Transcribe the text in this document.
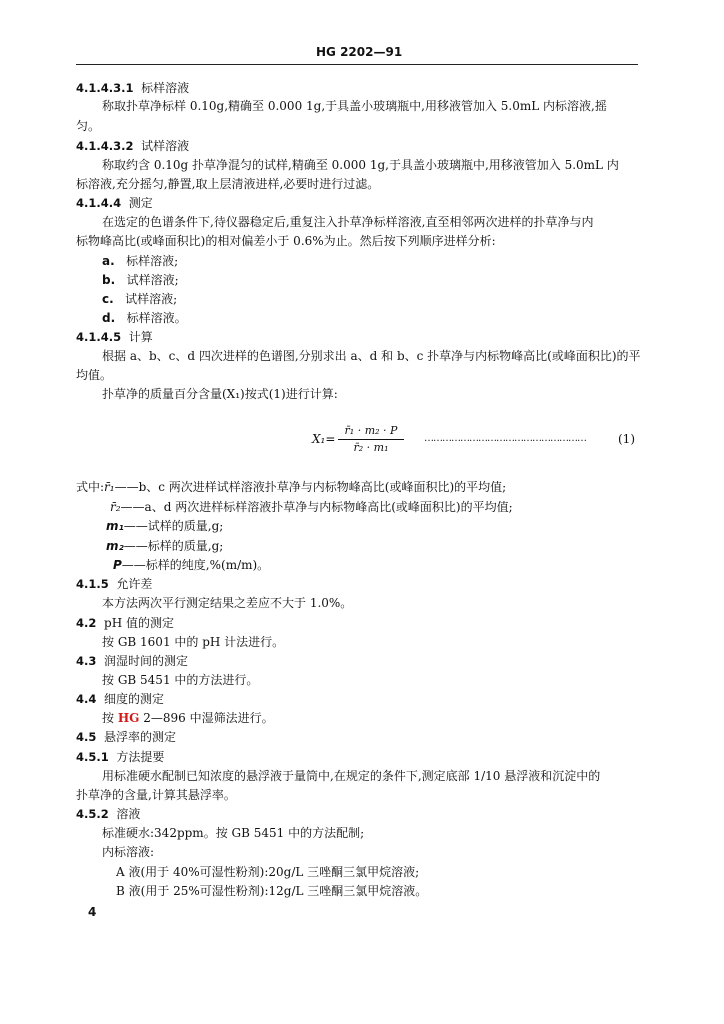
HG 2202—91
4.1.4.3.1 标样溶液
称取扑草净标样 0.10g,精确至 0.000 1g,于具盖小玻璃瓶中,用移液管加入 5.0mL 内标溶液,摇
匀。
4.1.4.3.2 试样溶液
称取约含 0.10g 扑草净混匀的试样,精确至 0.000 1g,于具盖小玻璃瓶中,用移液管加入 5.0mL 内
标溶液,充分摇匀,静置,取上层清液进样,必要时进行过滤。
4.1.4.4 测定
在选定的色谱条件下,待仪器稳定后,重复注入扑草净标样溶液,直至相邻两次进样的扑草净与内
标物峰高比(或峰面积比)的相对偏差小于 0.6%为止。然后按下列顺序进样分析:
a. 标样溶液;
b. 试样溶液;
c. 试样溶液;
d. 标样溶液。
4.1.4.5 计算
根据 a、b、c、d 四次进样的色谱图,分别求出 a、d 和 b、c 扑草净与内标物峰高比(或峰面积比)的平
均值。
扑草净的质量百分含量(X₁)按式(1)进行计算:
X₁=
r̄₁ · m₂ · P
r̄₂ · m₁
………………………………………………	(1)
式中:r̄₁——b、c 两次进样试样溶液扑草净与内标物峰高比(或峰面积比)的平均值;
r̄₂——a、d 两次进样标样溶液扑草净与内标物峰高比(或峰面积比)的平均值;
m₁——试样的质量,g;
m₂——标样的质量,g;
P——标样的纯度,%(m/m)。
4.1.5 允许差
本方法两次平行测定结果之差应不大于 1.0%。
4.2 pH 值的测定
按 GB 1601 中的 pH 计法进行。
4.3 润湿时间的测定
按 GB 5451 中的方法进行。
4.4 细度的测定
按 HG 2—896 中湿筛法进行。
4.5 悬浮率的测定
4.5.1 方法提要
用标准硬水配制已知浓度的悬浮液于量筒中,在规定的条件下,测定底部 1/10 悬浮液和沉淀中的
扑草净的含量,计算其悬浮率。
4.5.2 溶液
标准硬水:342ppm。按 GB 5451 中的方法配制;
内标溶液:
A 液(用于 40%可湿性粉剂):20g/L 三唑酮三氯甲烷溶液;
B 液(用于 25%可湿性粉剂):12g/L 三唑酮三氯甲烷溶液。
4
